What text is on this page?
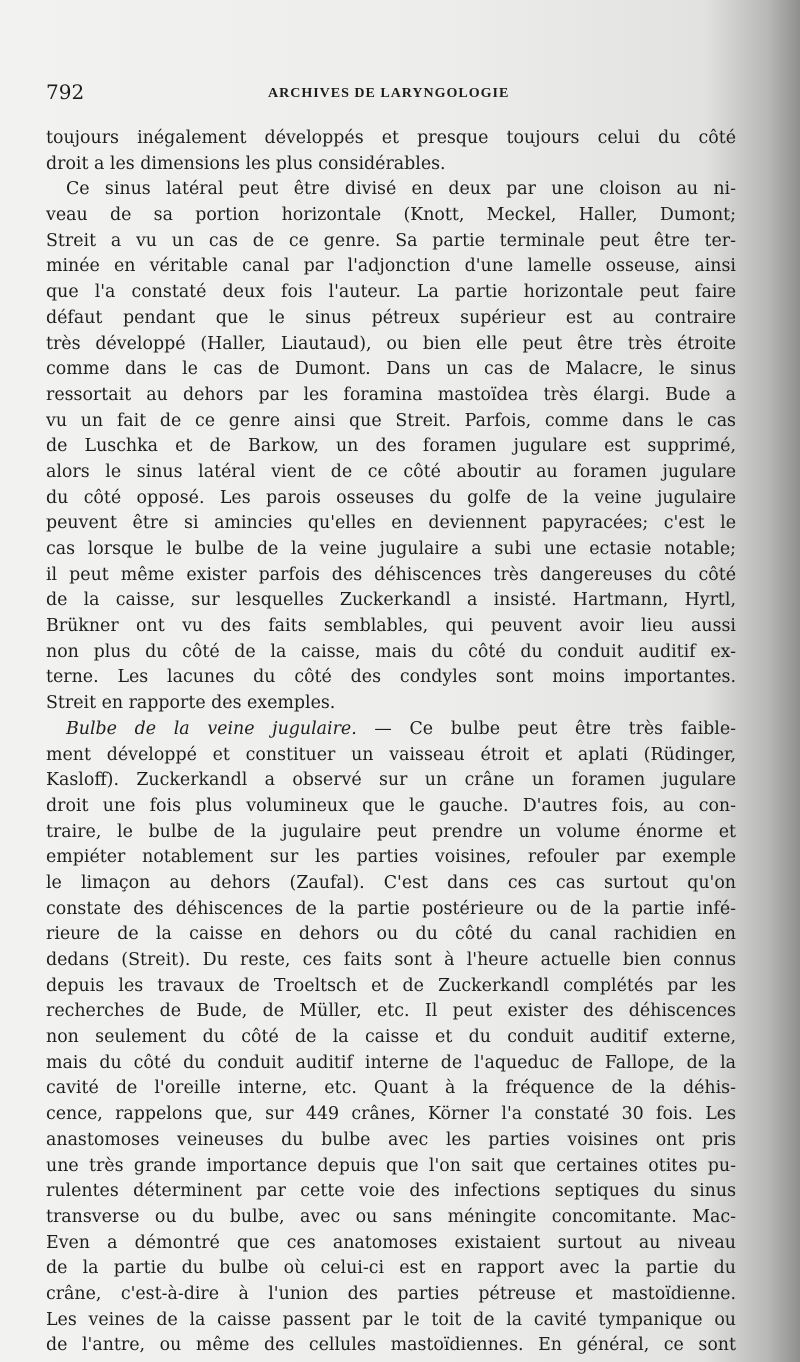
792	ARCHIVES DE LARYNGOLOGIE
toujours inégalement développés et presque toujours celui du côté
droit a les dimensions les plus considérables.
Ce sinus latéral peut être divisé en deux par une cloison au ni-
veau de sa portion horizontale (Knott, Meckel, Haller, Dumont;
Streit a vu un cas de ce genre. Sa partie terminale peut être ter-
minée en véritable canal par l'adjonction d'une lamelle osseuse, ainsi
que l'a constaté deux fois l'auteur. La partie horizontale peut faire
défaut pendant que le sinus pétreux supérieur est au contraire
très développé (Haller, Liautaud), ou bien elle peut être très étroite
comme dans le cas de Dumont. Dans un cas de Malacre, le sinus
ressortait au dehors par les foramina mastoïdea très élargi. Bude a
vu un fait de ce genre ainsi que Streit. Parfois, comme dans le cas
de Luschka et de Barkow, un des foramen jugulare est supprimé,
alors le sinus latéral vient de ce côté aboutir au foramen jugulare
du côté opposé. Les parois osseuses du golfe de la veine jugulaire
peuvent être si amincies qu'elles en deviennent papyracées; c'est le
cas lorsque le bulbe de la veine jugulaire a subi une ectasie notable;
il peut même exister parfois des déhiscences très dangereuses du côté
de la caisse, sur lesquelles Zuckerkandl a insisté. Hartmann, Hyrtl,
Brükner ont vu des faits semblables, qui peuvent avoir lieu aussi
non plus du côté de la caisse, mais du côté du conduit auditif ex-
terne. Les lacunes du côté des condyles sont moins importantes.
Streit en rapporte des exemples.
Bulbe de la veine jugulaire. — Ce bulbe peut être très faible-
ment développé et constituer un vaisseau étroit et aplati (Rüdinger,
Kasloff). Zuckerkandl a observé sur un crâne un foramen jugulare
droit une fois plus volumineux que le gauche. D'autres fois, au con-
traire, le bulbe de la jugulaire peut prendre un volume énorme et
empiéter notablement sur les parties voisines, refouler par exemple
le limaçon au dehors (Zaufal). C'est dans ces cas surtout qu'on
constate des déhiscences de la partie postérieure ou de la partie infé-
rieure de la caisse en dehors ou du côté du canal rachidien en
dedans (Streit). Du reste, ces faits sont à l'heure actuelle bien connus
depuis les travaux de Troeltsch et de Zuckerkandl complétés par les
recherches de Bude, de Müller, etc. Il peut exister des déhiscences
non seulement du côté de la caisse et du conduit auditif externe,
mais du côté du conduit auditif interne de l'aqueduc de Fallope, de la
cavité de l'oreille interne, etc. Quant à la fréquence de la déhis-
cence, rappelons que, sur 449 crânes, Körner l'a constaté 30 fois. Les
anastomoses veineuses du bulbe avec les parties voisines ont pris
une très grande importance depuis que l'on sait que certaines otites pu-
rulentes déterminent par cette voie des infections septiques du sinus
transverse ou du bulbe, avec ou sans méningite concomitante. Mac-
Even a démontré que ces anatomoses existaient surtout au niveau
de la partie du bulbe où celui-ci est en rapport avec la partie du
crâne, c'est-à-dire à l'union des parties pétreuse et mastoïdienne.
Les veines de la caisse passent par le toit de la cavité tympanique ou
de l'antre, ou même des cellules mastoïdiennes. En général, ce sont
